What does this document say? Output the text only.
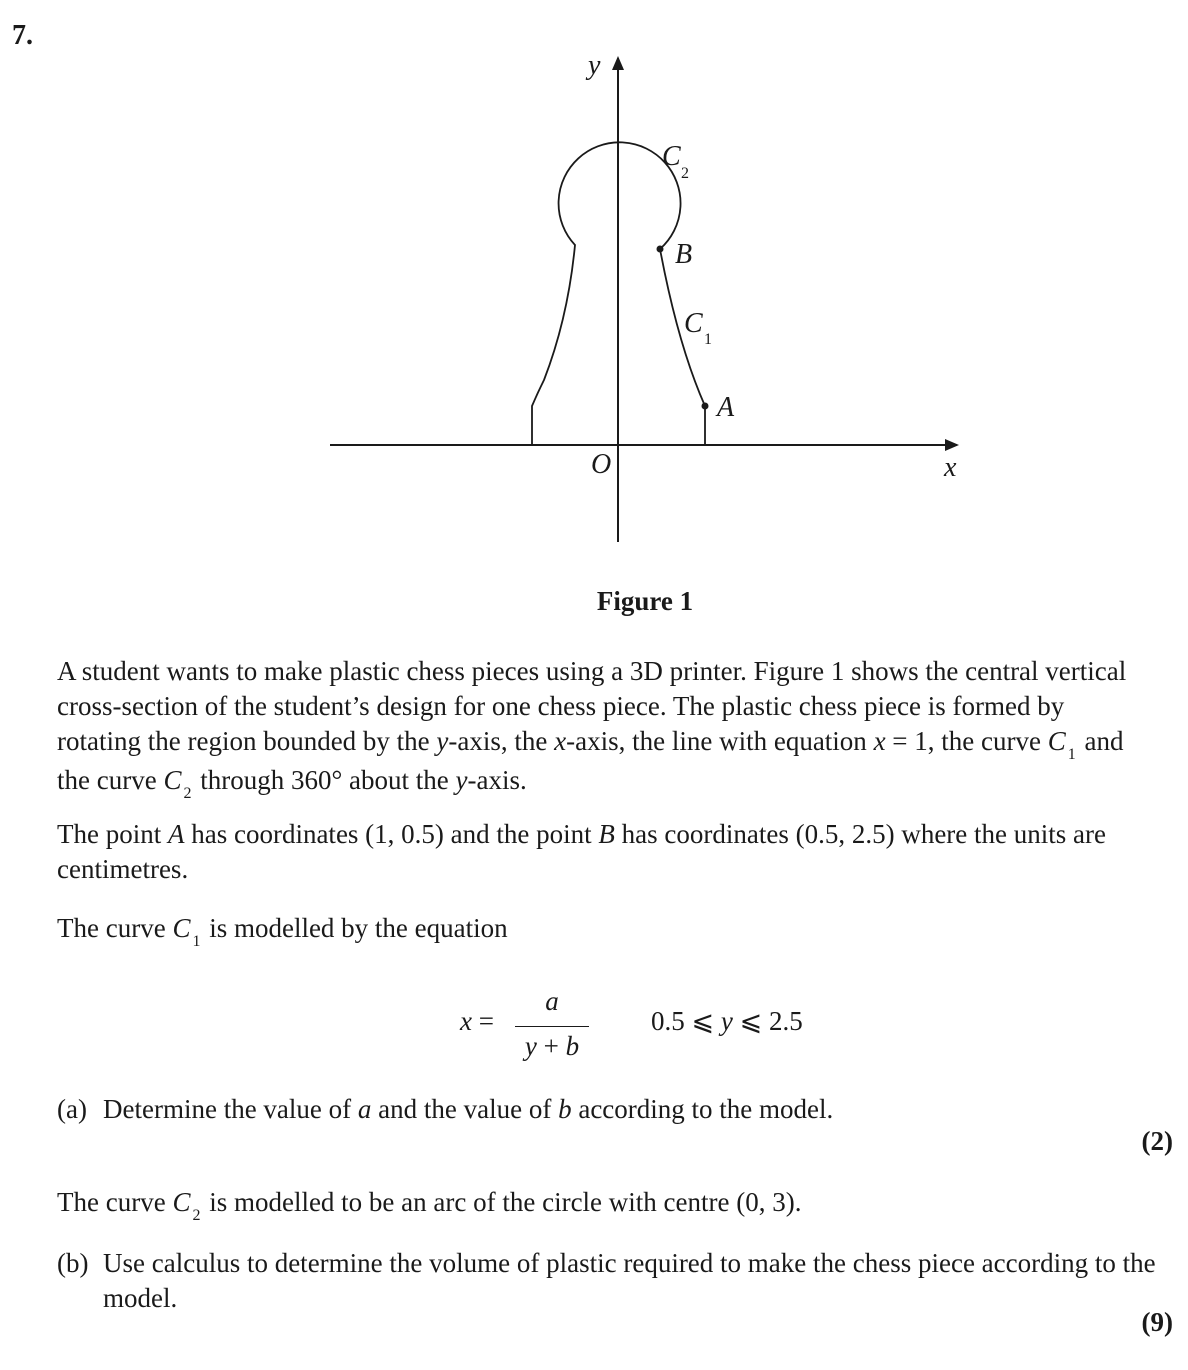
7.
y
x
O
C
2
B
C
1
A
Figure 1
A student wants to make plastic chess pieces using a 3D printer. Figure 1 shows the central vertical cross-section of the student’s design for one chess piece. The plastic chess piece is formed by rotating the region bounded by the y-axis, the x-axis, the line with equation x = 1, the curve C $_1$ and the curve C $_2$ through 360° about the y-axis.
The point A has coordinates (1, 0.5) and the point B has coordinates (0.5, 2.5) where the units are centimetres.
The curve C $_1$ is modelled by the equation
x =
a
y + b
0.5 ⩽ y ⩽ 2.5
(a) Determine the value of a and the value of b according to the model.
(2)
The curve C $_2$ is modelled to be an arc of the circle with centre (0, 3).
(b) Use calculus to determine the volume of plastic required to make the chess piece according to the model.
(9)
